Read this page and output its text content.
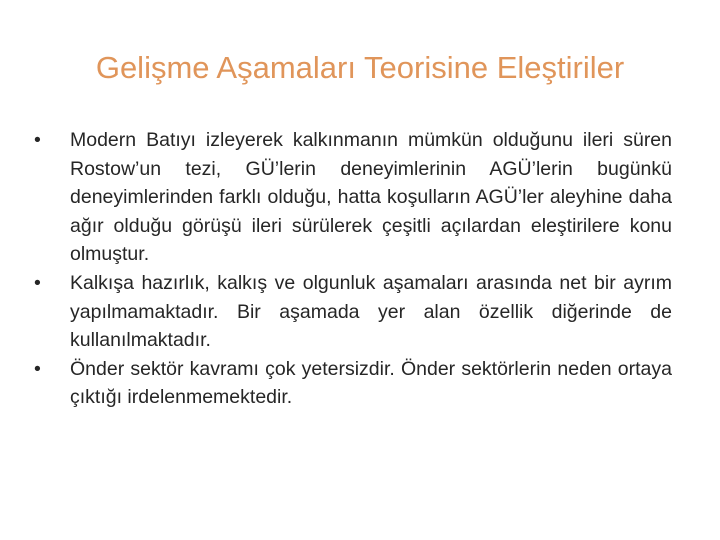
Gelişme Aşamaları Teorisine Eleştiriler
•	Modern Batıyı izleyerek kalkınmanın mümkün olduğunu ileri süren Rostow’un tezi, GÜ’lerin deneyimlerinin AGÜ’lerin bugünkü deneyimlerinden farklı olduğu, hatta koşulların AGÜ’ler aleyhine daha ağır olduğu görüşü ileri sürülerek çeşitli açılardan eleştirilere konu olmuştur.
•	Kalkışa hazırlık, kalkış ve olgunluk aşamaları arasında net bir ayrım yapılmamaktadır. Bir aşamada yer alan özellik diğerinde de kullanılmaktadır.
•	Önder sektör kavramı çok yetersizdir. Önder sektörlerin neden ortaya çıktığı irdelenmemektedir.
